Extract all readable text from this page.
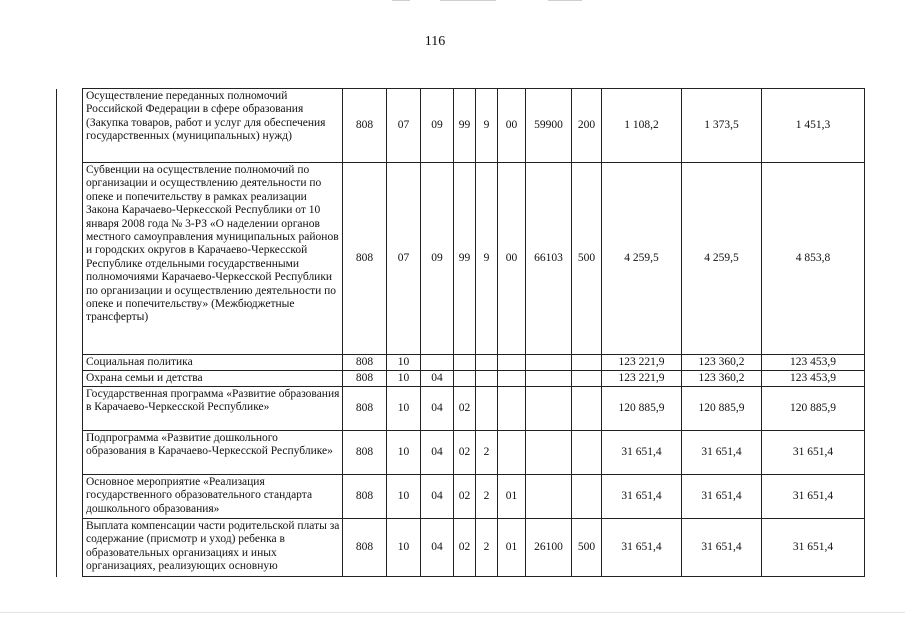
116
	Осуществление переданных полномочий Российской Федерации в сфере образования (Закупка товаров, работ и услуг для обеспечения государственных (муниципальных) нужд)	808	07	09	99	9	00	59900	200	1 108,2	1 373,5	1 451,3
	Субвенции на осуществление полномочий по организации и осуществлению деятельности по опеке и попечительству в рамках реализации Закона Карачаево-Черкесской Республики от 10 января 2008 года № 3-РЗ «О наделении органов местного самоуправления муниципальных районов и городских округов в Карачаево-Черкесской Республике отдельными государственными полномочиями Карачаево-Черкесской Республики по организации и осуществлению деятельности по опеке и попечительству» (Межбюджетные трансферты)	808	07	09	99	9	00	66103	500	4 259,5	4 259,5	4 853,8
	Социальная политика	808	10							123 221,9	123 360,2	123 453,9
	Охрана семьи и детства	808	10	04						123 221,9	123 360,2	123 453,9
	Государственная программа «Развитие образования в Карачаево-Черкесской Республике»	808	10	04	02					120 885,9	120 885,9	120 885,9
	Подпрограмма «Развитие дошкольного образования в Карачаево-Черкесской Республике»	808	10	04	02	2				31 651,4	31 651,4	31 651,4
	Основное мероприятие «Реализация государственного образовательного стандарта дошкольного образования»	808	10	04	02	2	01			31 651,4	31 651,4	31 651,4
	Выплата компенсации части родительской платы за содержание (присмотр и уход) ребенка в образовательных организациях и иных организациях, реализующих основную	808	10	04	02	2	01	26100	500	31 651,4	31 651,4	31 651,4
